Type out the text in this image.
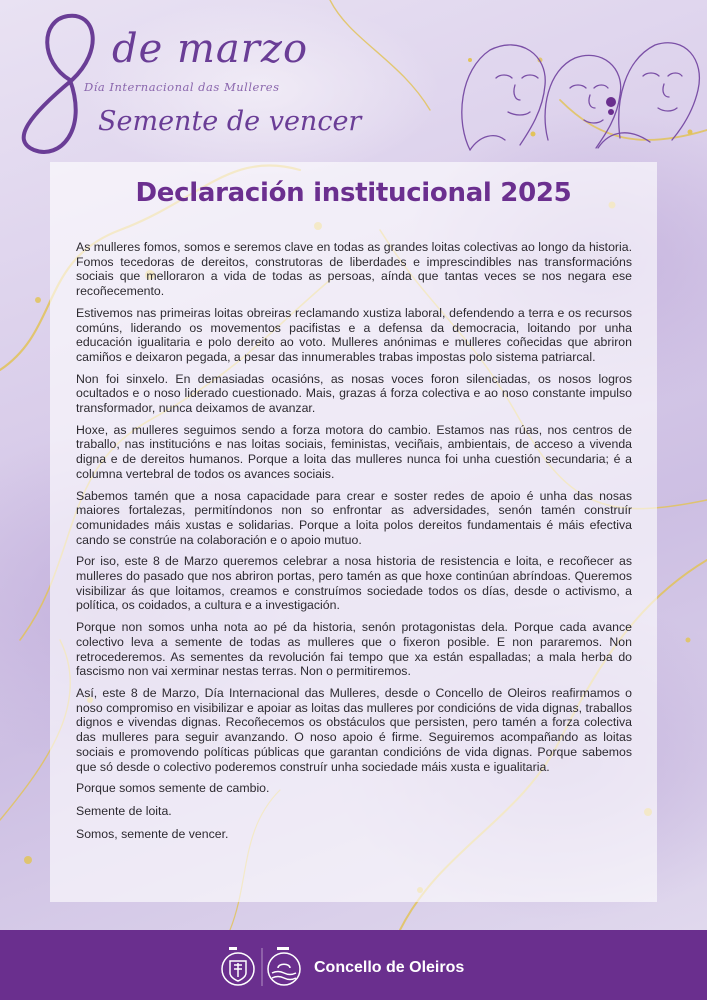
de marzo
Día Internacional das Mulleres
Semente de vencer
Declaración institucional 2025

As mulleres fomos, somos e seremos clave en todas as grandes loitas colectivas ao longo da historia. Fomos tecedoras de dereitos, construtoras de liberdades e imprescindibles nas transformacións sociais que melloraron a vida de todas as persoas, aínda que tantas veces se nos negara ese recoñecemento.

Estivemos nas primeiras loitas obreiras reclamando xustiza laboral, defendendo a terra e os recursos comúns, liderando os movementos pacifistas e a defensa da democracia, loitando por unha educación igualitaria e polo dereito ao voto. Mulleres anónimas e mulleres coñecidas que abriron camiños e deixaron pegada, a pesar das innumerables trabas impostas polo sistema patriarcal.

Non foi sinxelo. En demasiadas ocasións, as nosas voces foron silenciadas, os nosos logros ocultados e o noso liderado cuestionado. Mais, grazas á forza colectiva e ao noso constante impulso transformador, nunca deixamos de avanzar.

Hoxe, as mulleres seguimos sendo a forza motora do cambio. Estamos nas rúas, nos centros de traballo, nas institucións e nas loitas sociais, feministas, veciñais, ambientais, de acceso a vivenda digna e de dereitos humanos. Porque a loita das mulleres nunca foi unha cuestión secundaria; é a columna vertebral de todos os avances sociais.

Sabemos tamén que a nosa capacidade para crear e soster redes de apoio é unha das nosas maiores fortalezas, permitíndonos non so enfrontar as adversidades, senón tamén construír comunidades máis xustas e solidarias. Porque a loita polos dereitos fundamentais é máis efectiva cando se constrúe na colaboración e o apoio mutuo.

Por iso, este 8 de Marzo queremos celebrar a nosa historia de resistencia e loita, e recoñecer as mulleres do pasado que nos abriron portas, pero tamén as que hoxe continúan abríndoas. Queremos visibilizar ás que loitamos, creamos e construímos sociedade todos os días, desde o activismo, a política, os coidados, a cultura e a investigación.

Porque non somos unha nota ao pé da historia, senón protagonistas dela. Porque cada avance colectivo leva a semente de todas as mulleres que o fixeron posible. E non pararemos. Non retrocederemos. As sementes da revolución fai tempo que xa están espalladas; a mala herba do fascismo non vai xerminar nestas terras. Non o permitiremos.

Así, este 8 de Marzo, Día Internacional das Mulleres, desde o Concello de Oleiros reafirmamos o noso compromiso en visibilizar e apoiar as loitas das mulleres por condicións de vida dignas, traballos dignos e vivendas dignas. Recoñecemos os obstáculos que persisten, pero tamén a forza colectiva das mulleres para seguir avanzando. O noso apoio é firme. Seguiremos acompañando as loitas sociais e promovendo políticas públicas que garantan condicións de vida dignas. Porque sabemos que só desde o colectivo poderemos construír unha sociedade máis xusta e igualitaria.

Porque somos semente de cambio.

Semente de loita.

Somos, semente de vencer.

Concello de Oleiros
